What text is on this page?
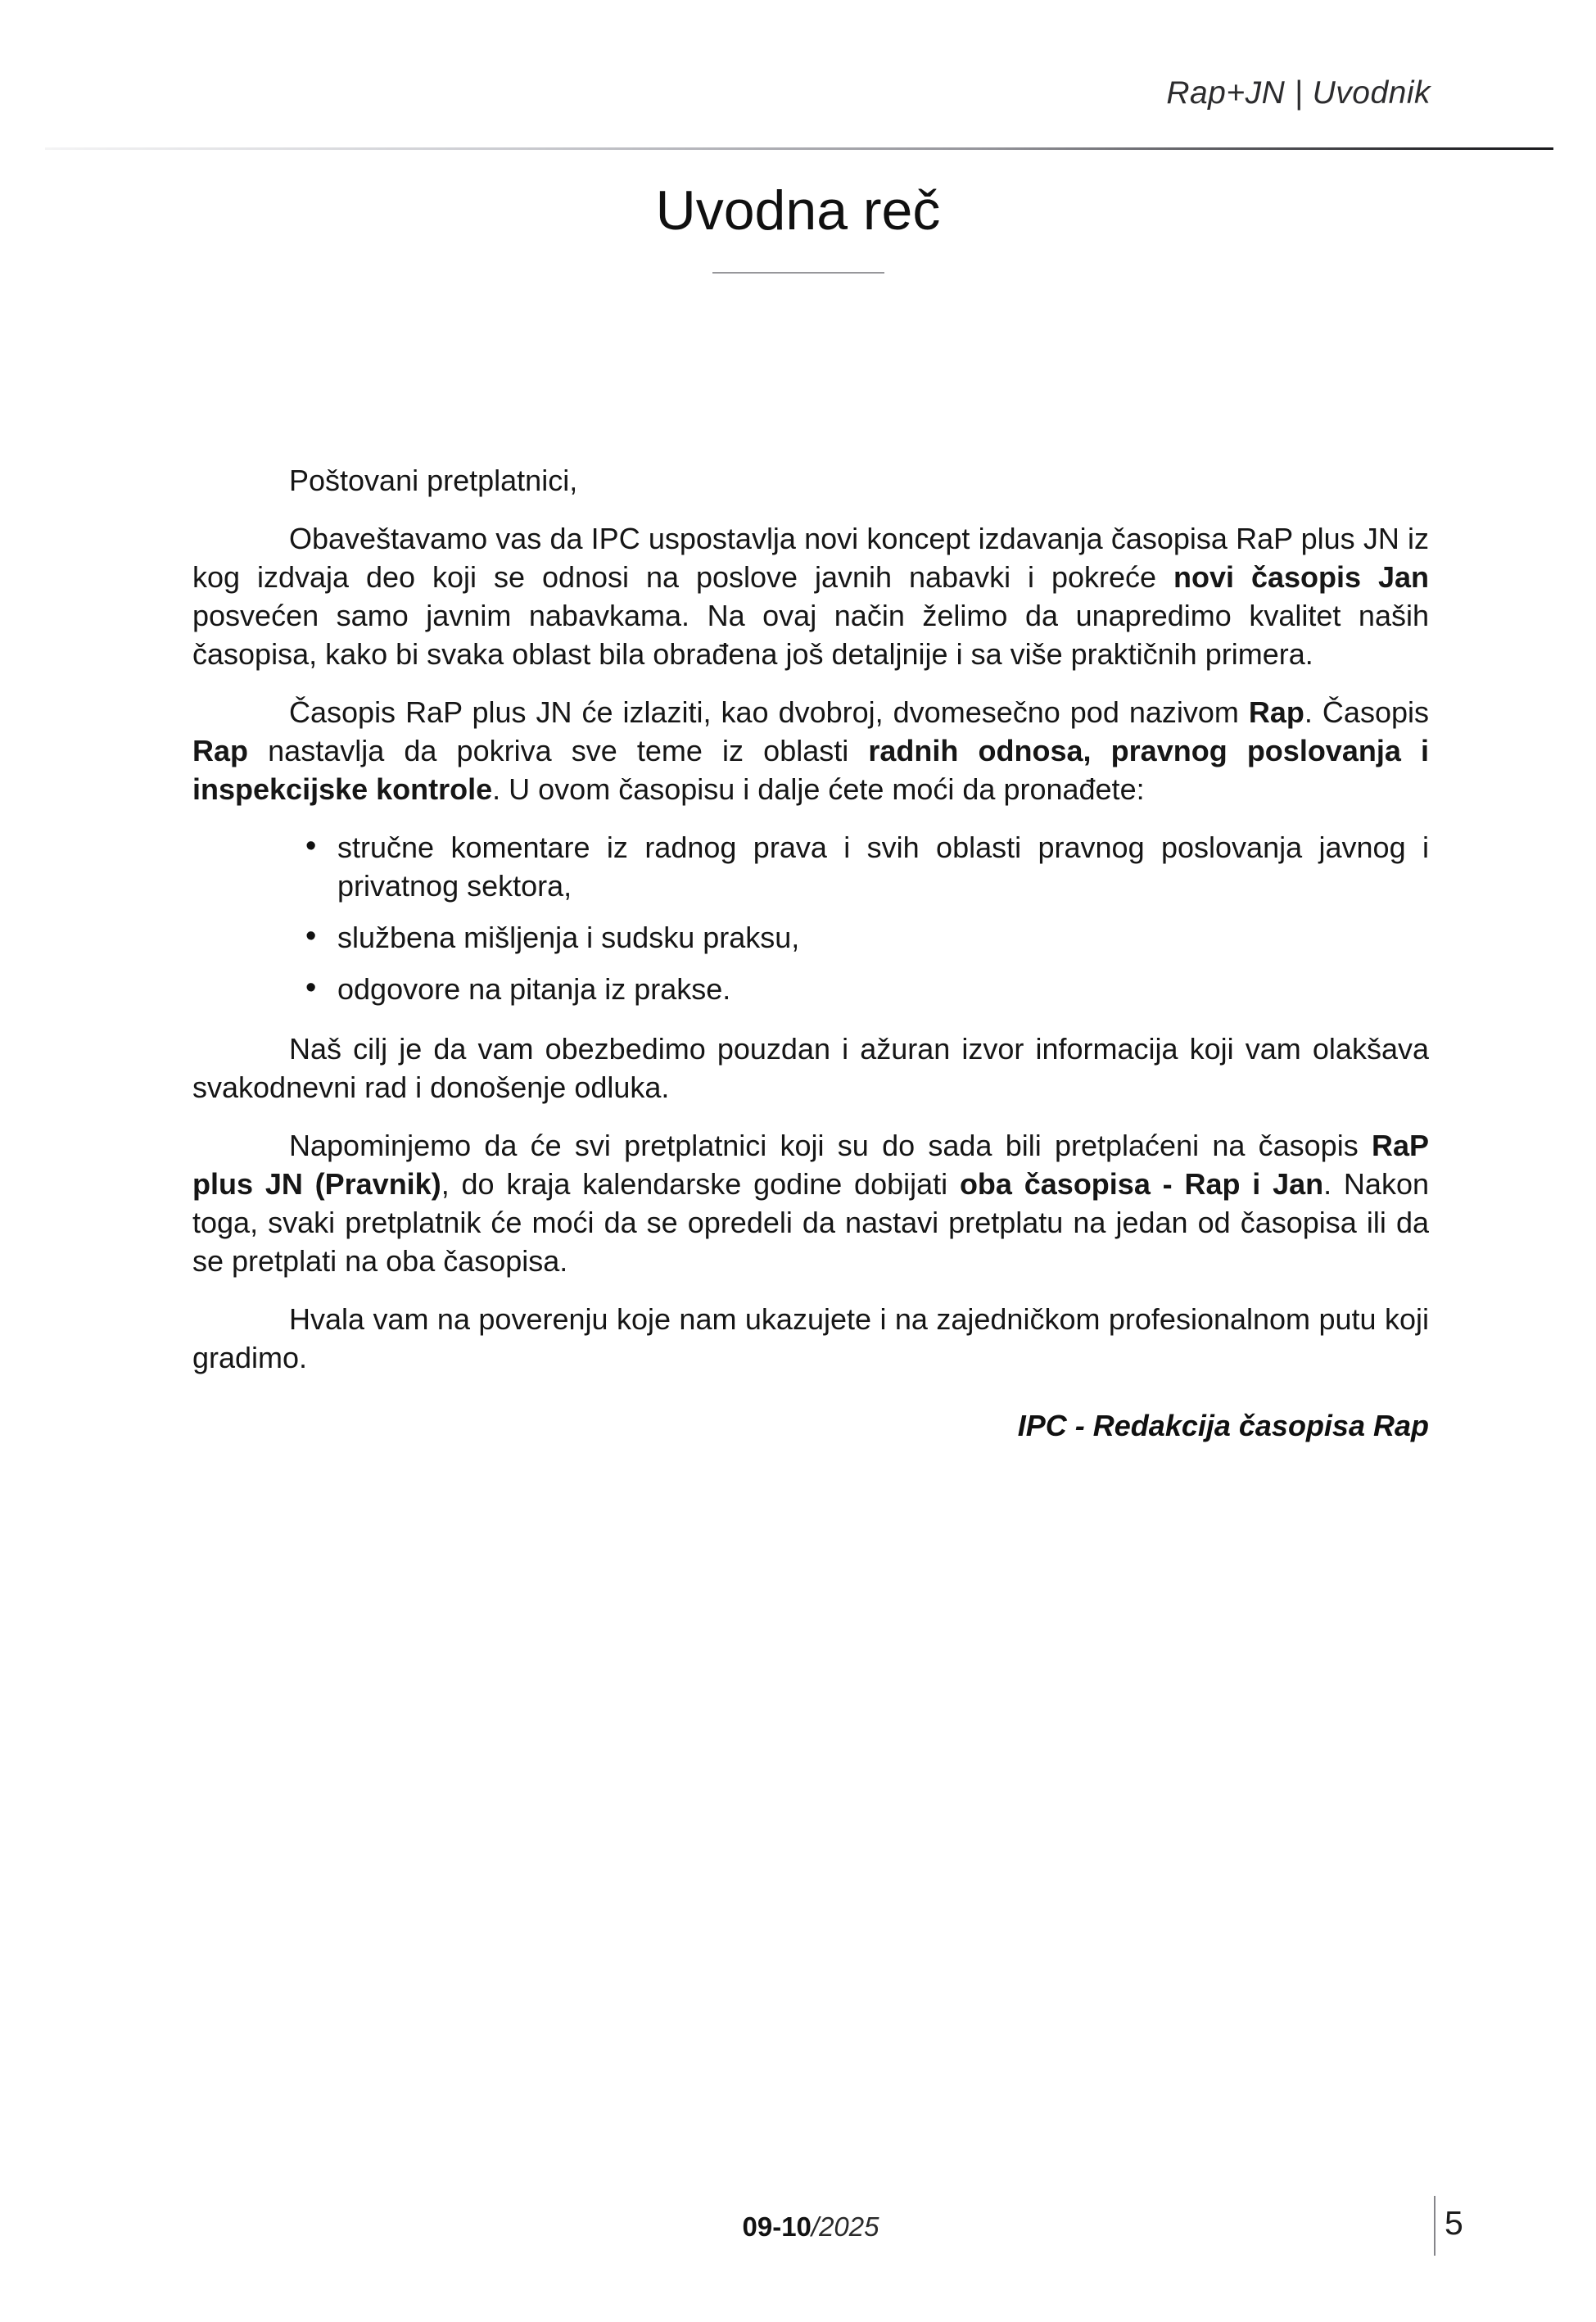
Rap+JN | Uvodnik
Uvodna reč

Poštovani pretplatnici,

Obaveštavamo vas da IPC uspostavlja novi koncept izdavanja časopisa RaP plus JN iz kog izdvaja deo koji se odnosi na poslove javnih nabavki i pokreće novi časopis Jan posvećen samo javnim nabavkama. Na ovaj način želimo da unapredimo kvalitet naših časopisa, kako bi svaka oblast bila obrađena još detaljnije i sa više praktičnih primera.

Časopis RaP plus JN će izlaziti, kao dvobroj, dvomesečno pod nazivom Rap. Časopis Rap nastavlja da pokriva sve teme iz oblasti radnih odnosa, pravnog poslovanja i inspekcijske kontrole. U ovom časopisu i dalje ćete moći da pronađete:

• stručne komentare iz radnog prava i svih oblasti pravnog poslovanja javnog i privatnog sektora,
• službena mišljenja i sudsku praksu,
• odgovore na pitanja iz prakse.

Naš cilj je da vam obezbedimo pouzdan i ažuran izvor informacija koji vam olakšava svakodnevni rad i donošenje odluka.

Napominjemo da će svi pretplatnici koji su do sada bili pretplaćeni na časopis RaP plus JN (Pravnik), do kraja kalendarske godine dobijati oba časopisa - Rap i Jan. Nakon toga, svaki pretplatnik će moći da se opredeli da nastavi pretplatu na jedan od časopisa ili da se pretplati na oba časopisa.

Hvala vam na poverenju koje nam ukazujete i na zajedničkom profesionalnom putu koji gradimo.

IPC - Redakcija časopisa Rap
09-10/2025	5
